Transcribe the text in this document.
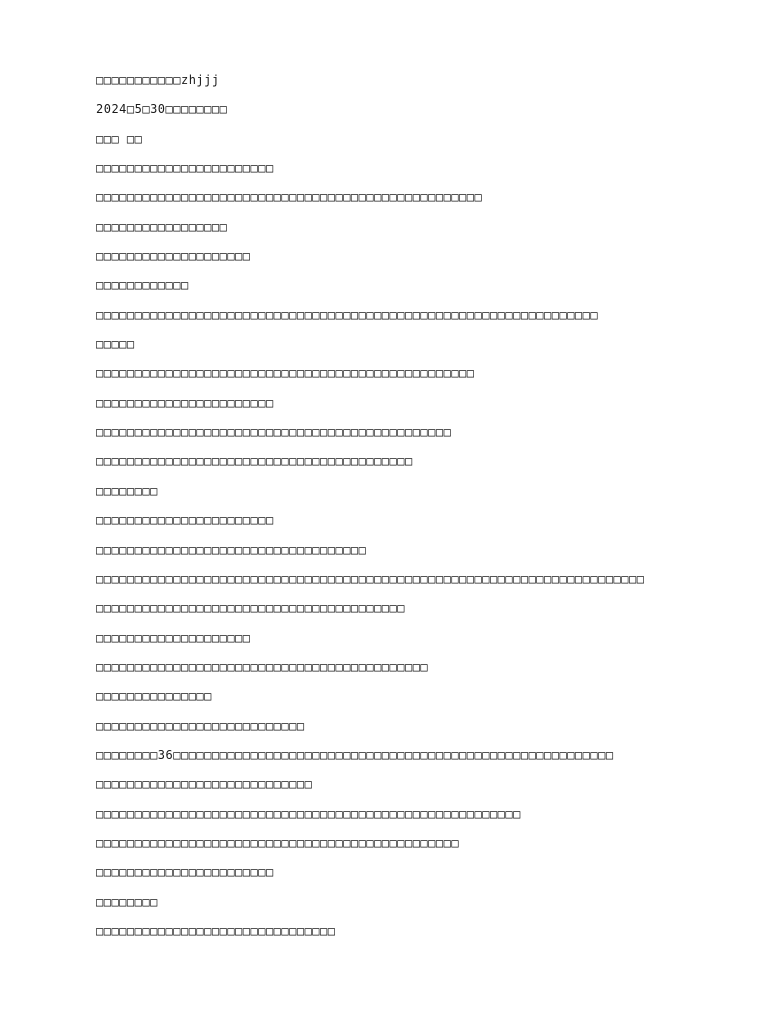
□□□□□□□□□□□zhjjj
2024□5□30□□□□□□□□
□□□ □□
□□□□□□□□□□□□□□□□□□□□□□□
□□□□□□□□□□□□□□□□□□□□□□□□□□□□□□□□□□□□□□□□□□□□□□□□□□
□□□□□□□□□□□□□□□□□
□□□□□□□□□□□□□□□□□□□□
□□□□□□□□□□□□
□□□□□□□□□□□□□□□□□□□□□□□□□□□□□□□□□□□□□□□□□□□□□□□□□□□□□□□□□□□□□□□□□
□□□□□
□□□□□□□□□□□□□□□□□□□□□□□□□□□□□□□□□□□□□□□□□□□□□□□□□
□□□□□□□□□□□□□□□□□□□□□□□
□□□□□□□□□□□□□□□□□□□□□□□□□□□□□□□□□□□□□□□□□□□□□□
□□□□□□□□□□□□□□□□□□□□□□□□□□□□□□□□□□□□□□□□□
□□□□□□□□
□□□□□□□□□□□□□□□□□□□□□□□
□□□□□□□□□□□□□□□□□□□□□□□□□□□□□□□□□□□
□□□□□□□□□□□□□□□□□□□□□□□□□□□□□□□□□□□□□□□□□□□□□□□□□□□□□□□□□□□□□□□□□□□□□□□
□□□□□□□□□□□□□□□□□□□□□□□□□□□□□□□□□□□□□□□□
□□□□□□□□□□□□□□□□□□□□
□□□□□□□□□□□□□□□□□□□□□□□□□□□□□□□□□□□□□□□□□□□
□□□□□□□□□□□□□□□
□□□□□□□□□□□□□□□□□□□□□□□□□□□
□□□□□□□□36□□□□□□□□□□□□□□□□□□□□□□□□□□□□□□□□□□□□□□□□□□□□□□□□□□□□□□□□□
□□□□□□□□□□□□□□□□□□□□□□□□□□□□
□□□□□□□□□□□□□□□□□□□□□□□□□□□□□□□□□□□□□□□□□□□□□□□□□□□□□□□
□□□□□□□□□□□□□□□□□□□□□□□□□□□□□□□□□□□□□□□□□□□□□□□
□□□□□□□□□□□□□□□□□□□□□□□
□□□□□□□□
□□□□□□□□□□□□□□□□□□□□□□□□□□□□□□□
